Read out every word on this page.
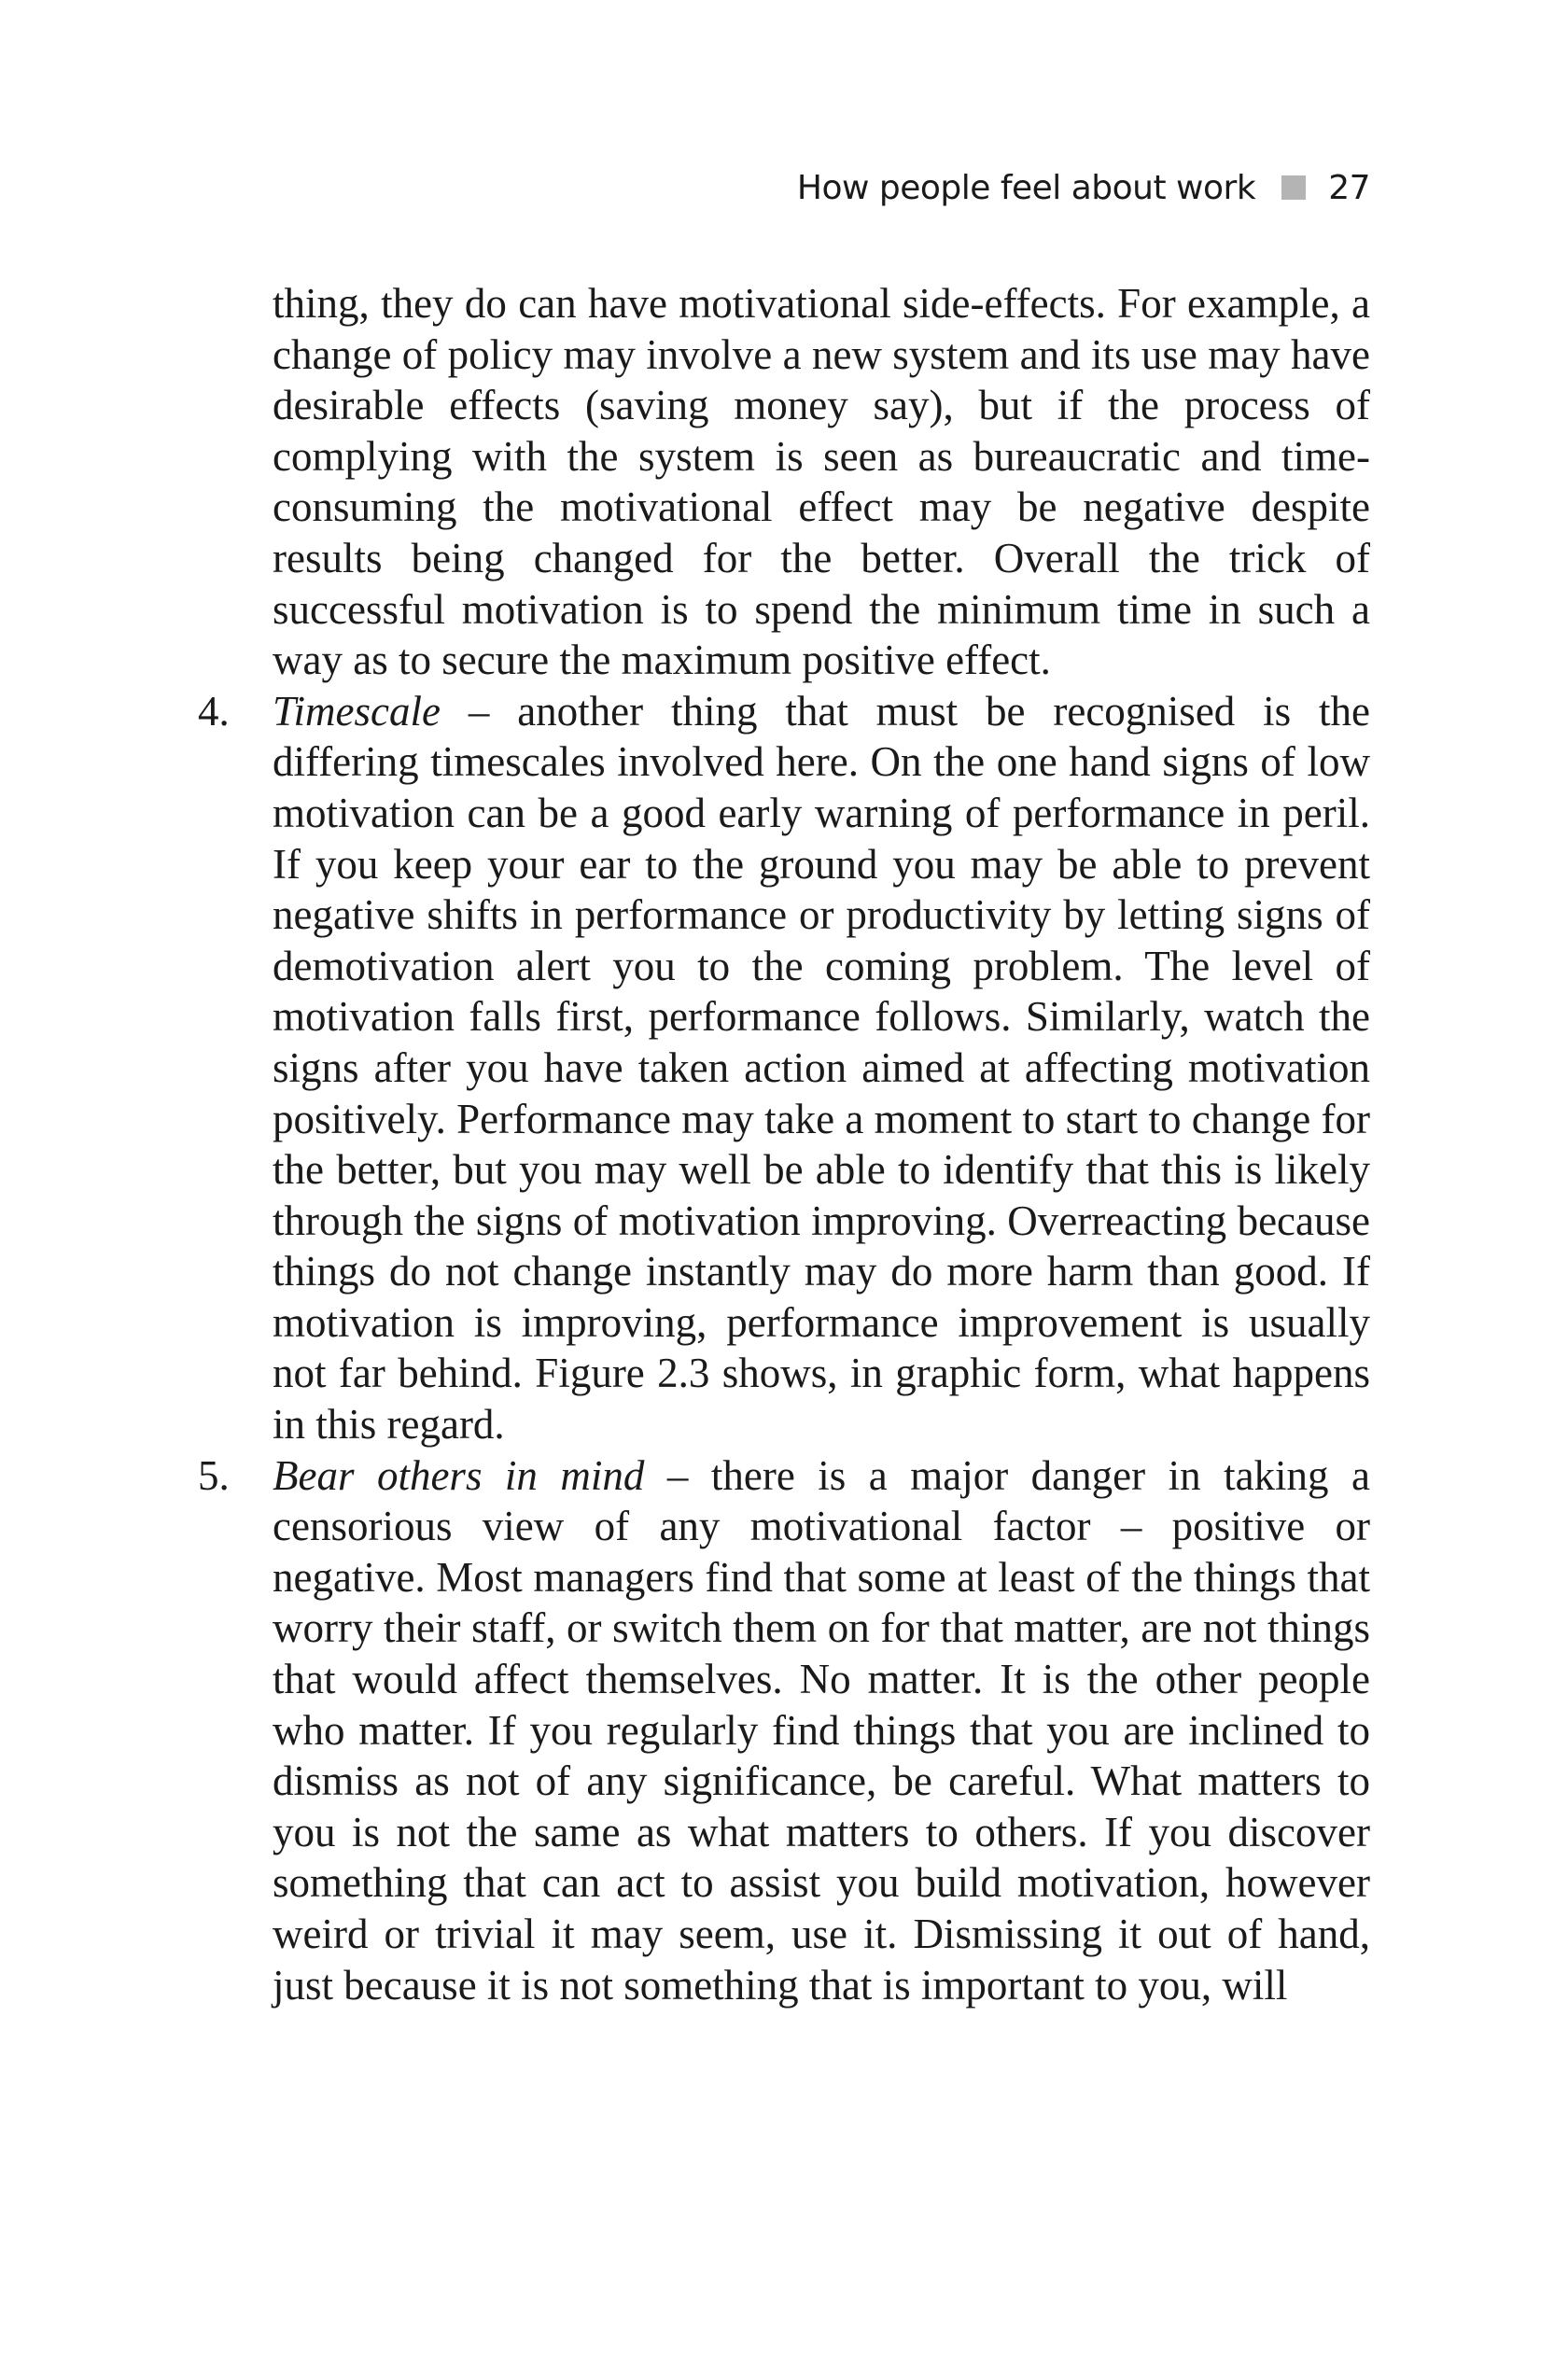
How people feel about work 27

thing, they do can have motivational side-effects. For example, a change of policy may involve a new system and its use may have desirable effects (saving money say), but if the process of complying with the system is seen as bureaucratic and time-consuming the motivational effect may be negative despite results being changed for the better. Overall the trick of successful motivation is to spend the minimum time in such a way as to secure the maximum positive effect.

4. Timescale – another thing that must be recognised is the differing timescales involved here. On the one hand signs of low motivation can be a good early warning of performance in peril. If you keep your ear to the ground you may be able to prevent negative shifts in performance or productivity by letting signs of demotivation alert you to the coming problem. The level of motivation falls first, performance follows. Similarly, watch the signs after you have taken action aimed at affecting motivation positively. Performance may take a moment to start to change for the better, but you may well be able to identify that this is likely through the signs of motivation improving. Overreacting because things do not change instantly may do more harm than good. If motivation is improving, performance improvement is usually not far behind. Figure 2.3 shows, in graphic form, what happens in this regard.

5. Bear others in mind – there is a major danger in taking a censorious view of any motivational factor – positive or negative. Most managers find that some at least of the things that worry their staff, or switch them on for that matter, are not things that would affect themselves. No matter. It is the other people who matter. If you regularly find things that you are inclined to dismiss as not of any significance, be careful. What matters to you is not the same as what matters to others. If you discover something that can act to assist you build motivation, however weird or trivial it may seem, use it. Dismissing it out of hand, just because it is not something that is important to you, will
